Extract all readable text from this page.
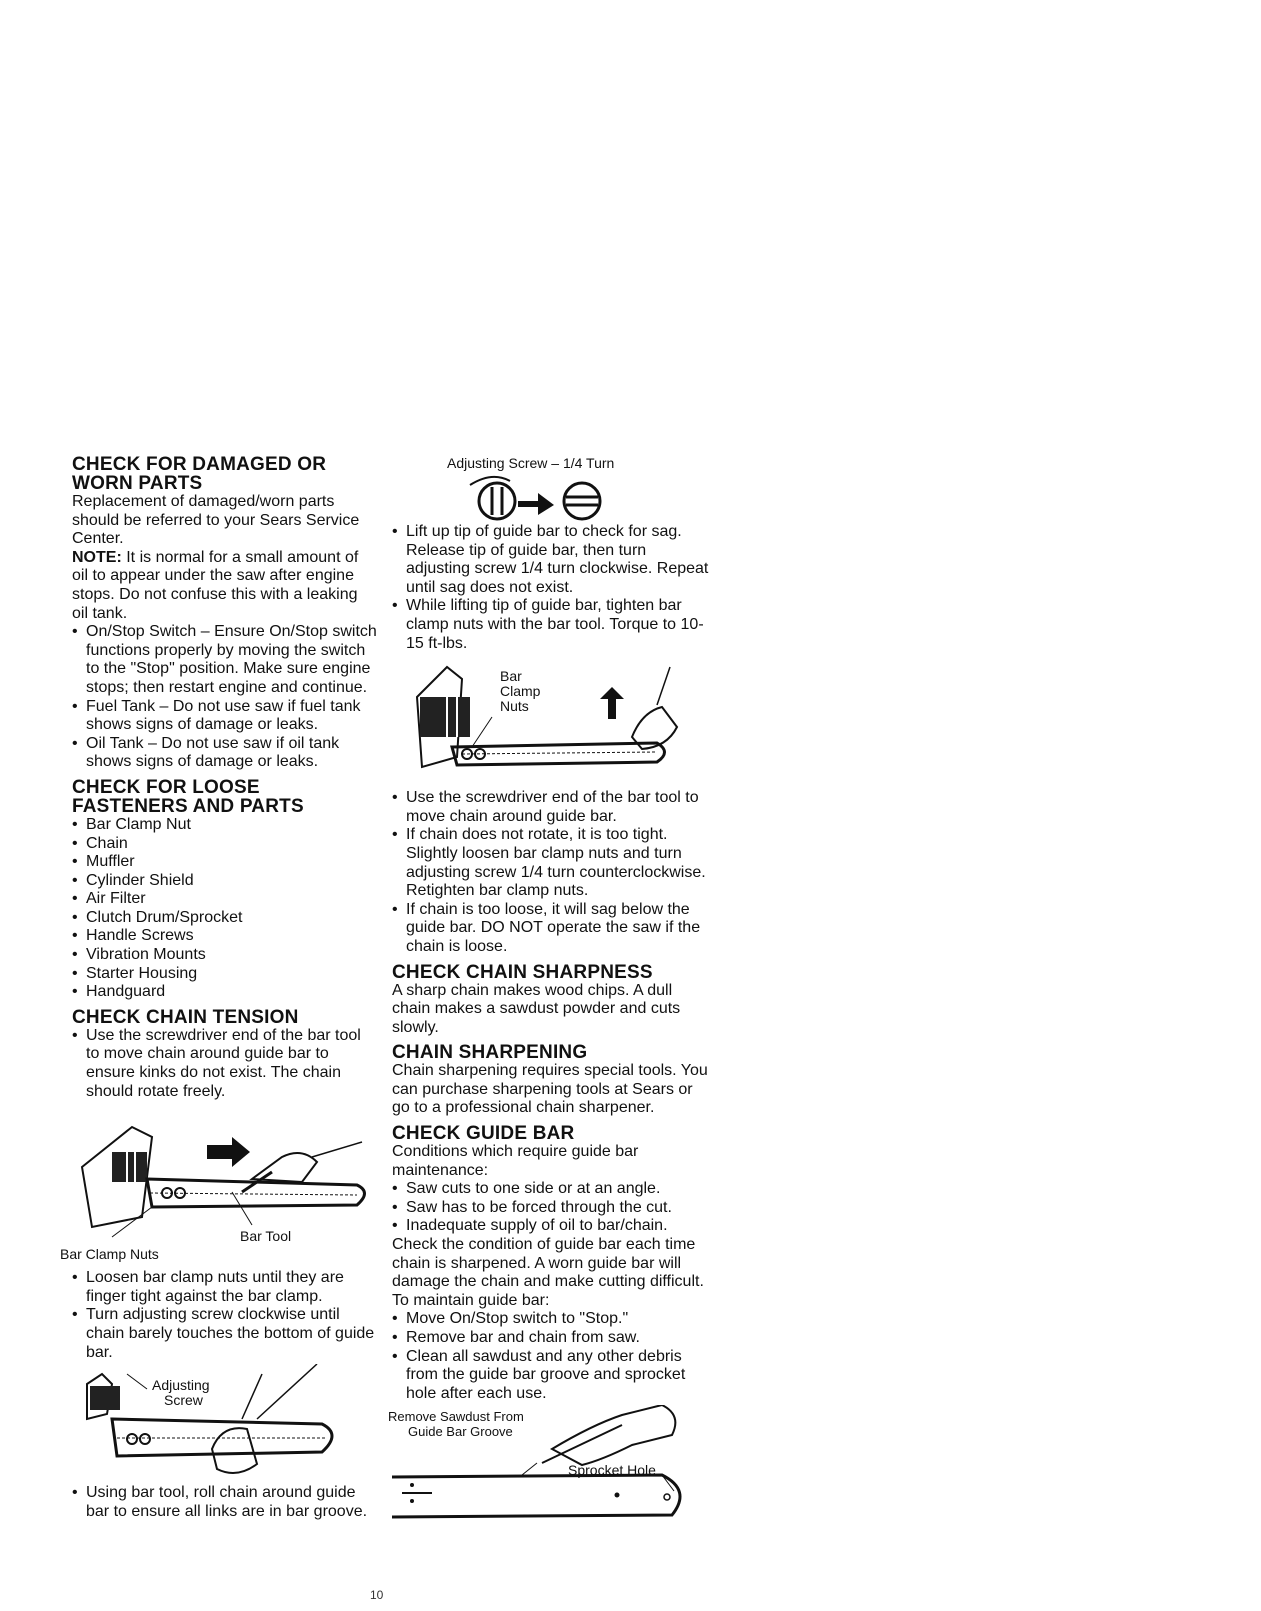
CHECK FOR DAMAGED OR
WORN PARTS

Replacement of damaged/worn parts should be referred to your Sears Service Center.

NOTE: It is normal for a small amount of oil to appear under the saw after engine stops. Do not confuse this with a leaking oil tank.

• On/Stop Switch – Ensure On/Stop switch functions properly by moving the switch to the "Stop" position. Make sure engine stops; then restart engine and continue.
• Fuel Tank – Do not use saw if fuel tank shows signs of damage or leaks.
• Oil Tank – Do not use saw if oil tank shows signs of damage or leaks.
CHECK FOR LOOSE
FASTENERS AND PARTS
• Bar Clamp Nut
• Chain
• Muffler
• Cylinder Shield
• Air Filter
• Clutch Drum/Sprocket
• Handle Screws
• Vibration Mounts
• Starter Housing
• Handguard
CHECK CHAIN TENSION
• Use the screwdriver end of the bar tool to move chain around guide bar to ensure kinks do not exist. The chain should rotate freely.
Bar Tool
Bar Clamp Nuts
• Loosen bar clamp nuts until they are finger tight against the bar clamp.
• Turn adjusting screw clockwise until chain barely touches the bottom of guide bar.
Adjusting
Screw
• Using bar tool, roll chain around guide bar to ensure all links are in bar groove.
Adjusting Screw – 1/4 Turn
• Lift up tip of guide bar to check for sag. Release tip of guide bar, then turn adjusting screw 1/4 turn clockwise. Repeat until sag does not exist.
• While lifting tip of guide bar, tighten bar clamp nuts with the bar tool. Torque to 10-15 ft-lbs.
Bar
Clamp
Nuts
• Use the screwdriver end of the bar tool to move chain around guide bar.
• If chain does not rotate, it is too tight. Slightly loosen bar clamp nuts and turn adjusting screw 1/4 turn counterclockwise. Retighten bar clamp nuts.
• If chain is too loose, it will sag below the guide bar. DO NOT operate the saw if the chain is loose.
CHECK CHAIN SHARPNESS

A sharp chain makes wood chips. A dull chain makes a sawdust powder and cuts slowly.

CHAIN SHARPENING

Chain sharpening requires special tools. You can purchase sharpening tools at Sears or go to a professional chain sharpener.

CHECK GUIDE BAR

Conditions which require guide bar maintenance:

• Saw cuts to one side or at an angle.
• Saw has to be forced through the cut.
• Inadequate supply of oil to bar/chain.

Check the condition of guide bar each time chain is sharpened. A worn guide bar will damage the chain and make cutting difficult. To maintain guide bar:

• Move On/Stop switch to "Stop."
• Remove bar and chain from saw.
• Clean all sawdust and any other debris from the guide bar groove and sprocket hole after each use.
Remove Sawdust From
Guide Bar Groove
Sprocket Hole
10
